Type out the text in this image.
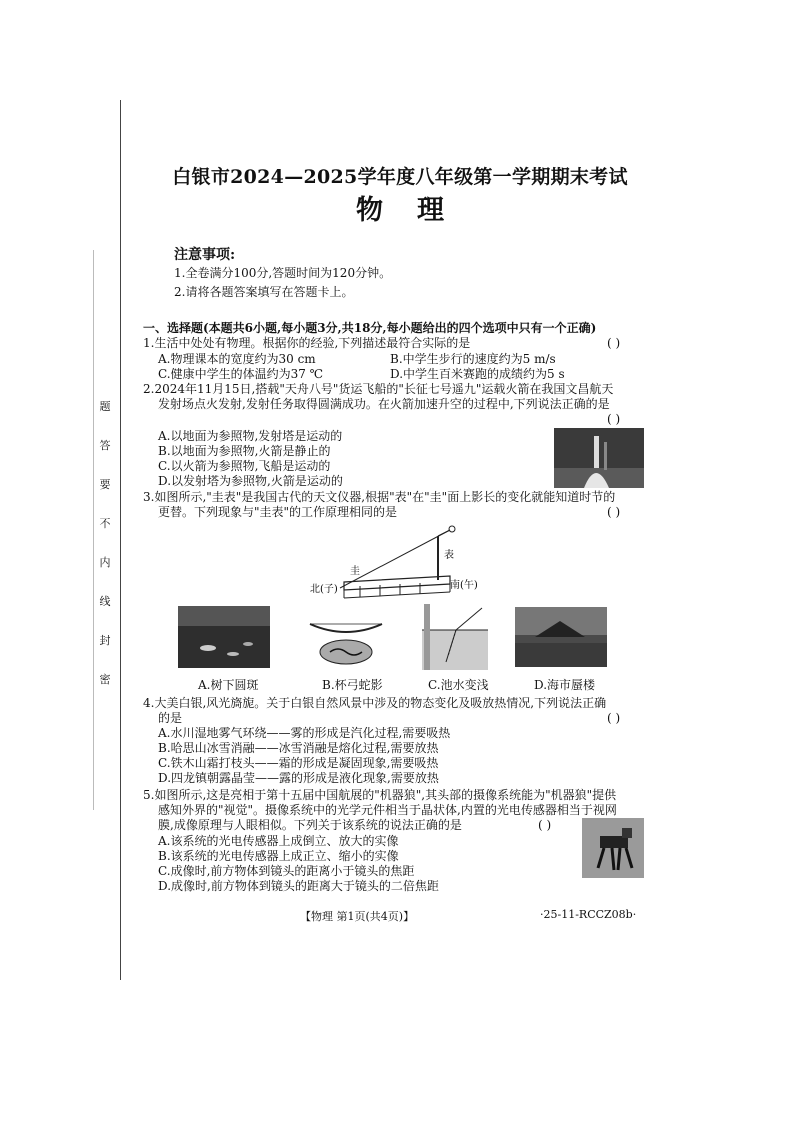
题
答
要
不
内
线
封
密
白银市2024—2025学年度八年级第一学期期末考试
物理
注意事项:
1.全卷满分100分,答题时间为120分钟。
2.请将各题答案填写在答题卡上。
一、选择题(本题共6小题,每小题3分,共18分,每小题给出的四个选项中只有一个正确)
1.生活中处处有物理。根据你的经验,下列描述最符合实际的是	( )
A.物理课本的宽度约为30 cm	B.中学生步行的速度约为5 m/s
C.健康中学生的体温约为37 ℃	D.中学生百米赛跑的成绩约为5 s
2.2024年11月15日,搭载"天舟八号"货运飞船的"长征七号遥九"运载火箭在我国文昌航天
发射场点火发射,发射任务取得圆满成功。在火箭加速升空的过程中,下列说法正确的是
( )
A.以地面为参照物,发射塔是运动的
B.以地面为参照物,火箭是静止的
C.以火箭为参照物,飞船是运动的
D.以发射塔为参照物,火箭是运动的
3.如图所示,"圭表"是我国古代的天文仪器,根据"表"在"圭"面上影长的变化就能知道时节的
更替。下列现象与"圭表"的工作原理相同的是	( )
圭
表
北(子)	南(午)
A.树下圆斑	B.杯弓蛇影	C.池水变浅	D.海市蜃楼
4.大美白银,风光旖旎。关于白银自然风景中涉及的物态变化及吸放热情况,下列说法正确
的是	( )
A.水川湿地雾气环绕——雾的形成是汽化过程,需要吸热
B.哈思山冰雪消融——冰雪消融是熔化过程,需要放热
C.铁木山霜打枝头——霜的形成是凝固现象,需要吸热
D.四龙镇朝露晶莹——露的形成是液化现象,需要放热
5.如图所示,这是亮相于第十五届中国航展的"机器狼",其头部的摄像系统能为"机器狼"提供
感知外界的"视觉"。摄像系统中的光学元件相当于晶状体,内置的光电传感器相当于视网
膜,成像原理与人眼相似。下列关于该系统的说法正确的是	( )
A.该系统的光电传感器上成倒立、放大的实像
B.该系统的光电传感器上成正立、缩小的实像
C.成像时,前方物体到镜头的距离小于镜头的焦距
D.成像时,前方物体到镜头的距离大于镜头的二倍焦距
【物理 第1页(共4页)】	·25-11-RCCZ08b·
